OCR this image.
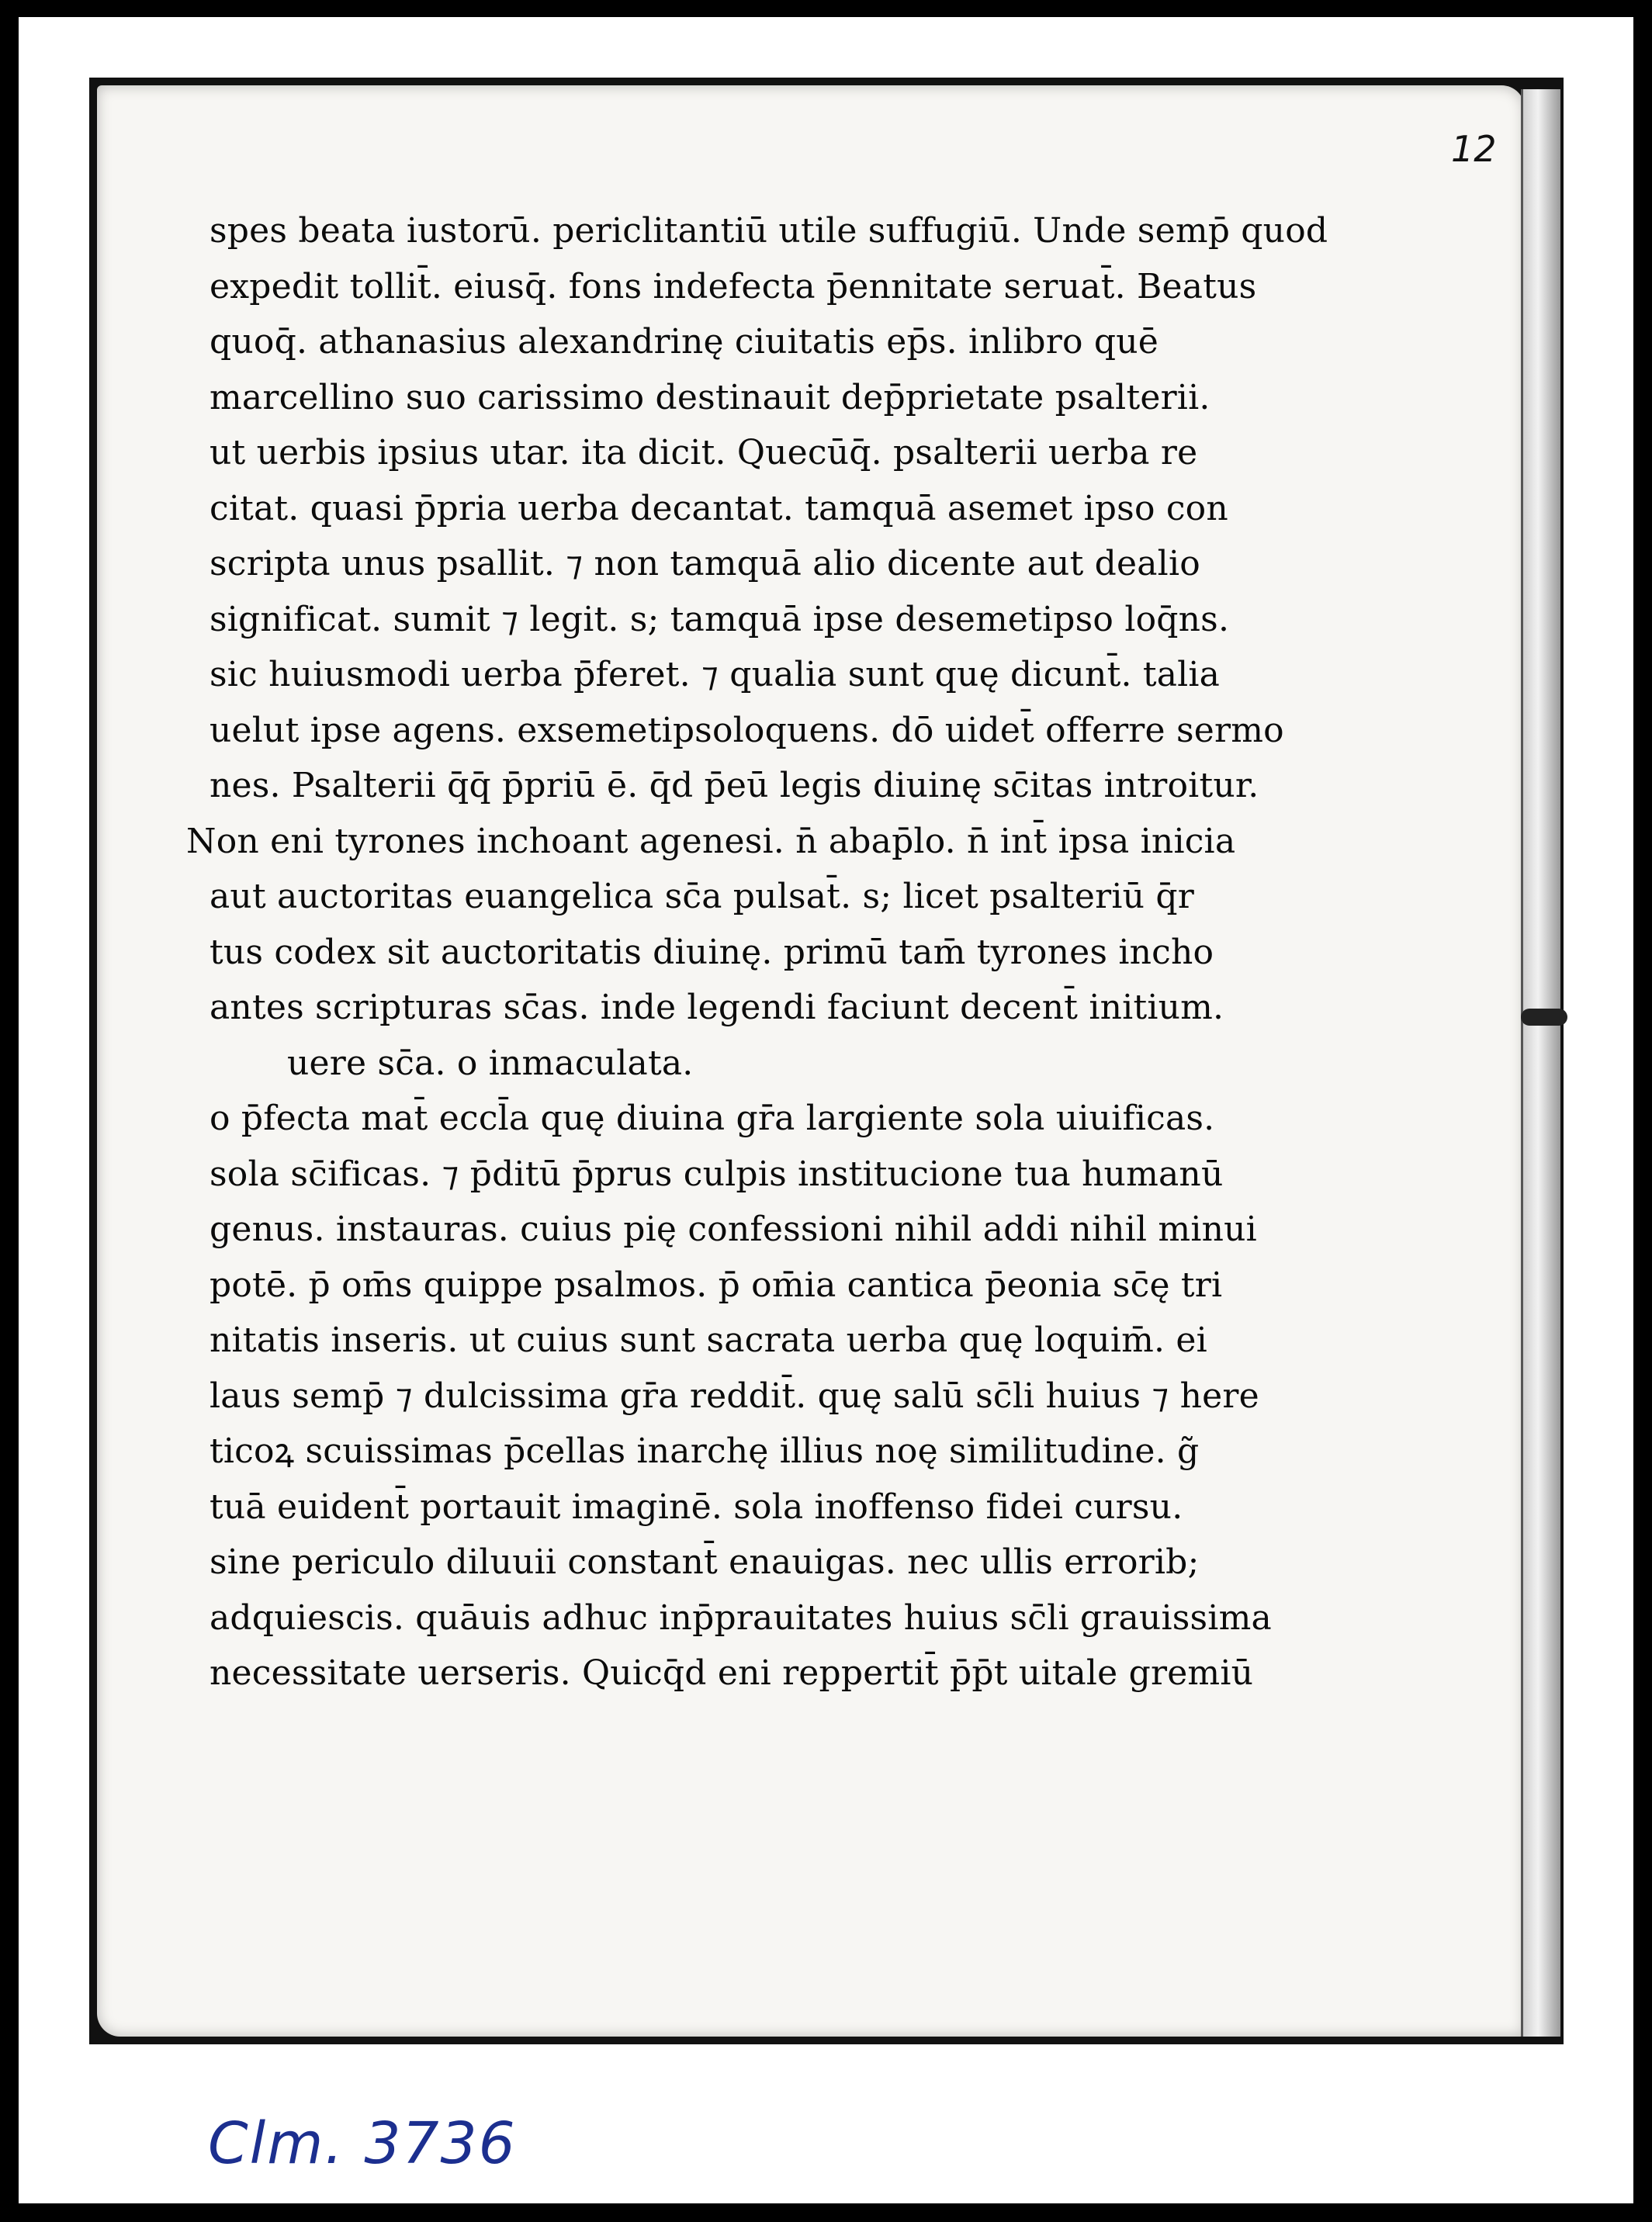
12
spes beata iustorū. periclitantiū utile suffugiū. Unde semp̄ quod
expedit tollit̄. eiusq̄. fons indefecta p̄ennitate seruat̄. Beatus
quoq̄. athanasius alexandrinę ciuitatis ep̄s. inlibro quē
marcellino suo carissimo destinauit dep̄prietate psalterii.
ut uerbis ipsius utar. ita dicit. Quecūq̄. psalterii uerba re
citat. quasi p̄pria uerba decantat. tamquā asemet ipso con
scripta unus psallit. ⁊ non tamquā alio dicente aut dealio
significat. sumit ⁊ legit. s; tamquā ipse desemetipso loq̄ns.
sic huiusmodi uerba p̄feret. ⁊ qualia sunt quę dicunt̄. talia
uelut ipse agens. exsemetipsoloquens. dō uidet̄ offerre sermo
nes. Psalterii q̄q̄ p̄priū ē. q̄d p̄eū legis diuinę sc̄itas introitur.
Non eni tyrones inchoant agenesi. n̄ abap̄lo. n̄ int̄ ipsa inicia
aut auctoritas euangelica sc̄a pulsat̄. s; licet psalteriū q̄r
tus codex sit auctoritatis diuinę. primū tam̄ tyrones incho
antes scripturas sc̄as. inde legendi faciunt decent̄ initium.
uere sc̄a. o inmaculata.
o p̄fecta mat̄ eccl̄a quę diuina gr̄a largiente sola uiuificas.
sola sc̄ificas. ⁊ p̄ditū p̄prus culpis institucione tua humanū
genus. instauras. cuius pię confessioni nihil addi nihil minui
potē. p̄ om̄s quippe psalmos. p̄ om̄ia cantica p̄eonia sc̄ę tri
nitatis inseris. ut cuius sunt sacrata uerba quę loquim̄. ei
laus semp̄ ⁊ dulcissima gr̄a reddit̄. quę salū sc̄li huius ⁊ here
ticoꝝ scuissimas p̄cellas inarchę illius noę similitudine. g̃
tuā euident̄ portauit imaginē. sola inoffenso fidei cursu.
sine periculo diluuii constant̄ enauigas. nec ullis errorib;
adquiescis. quāuis adhuc inp̄prauitates huius sc̄li grauissima
necessitate uerseris. Quicq̄d eni reppertit̄ p̄p̄t uitale gremiū
Clm. 3736
